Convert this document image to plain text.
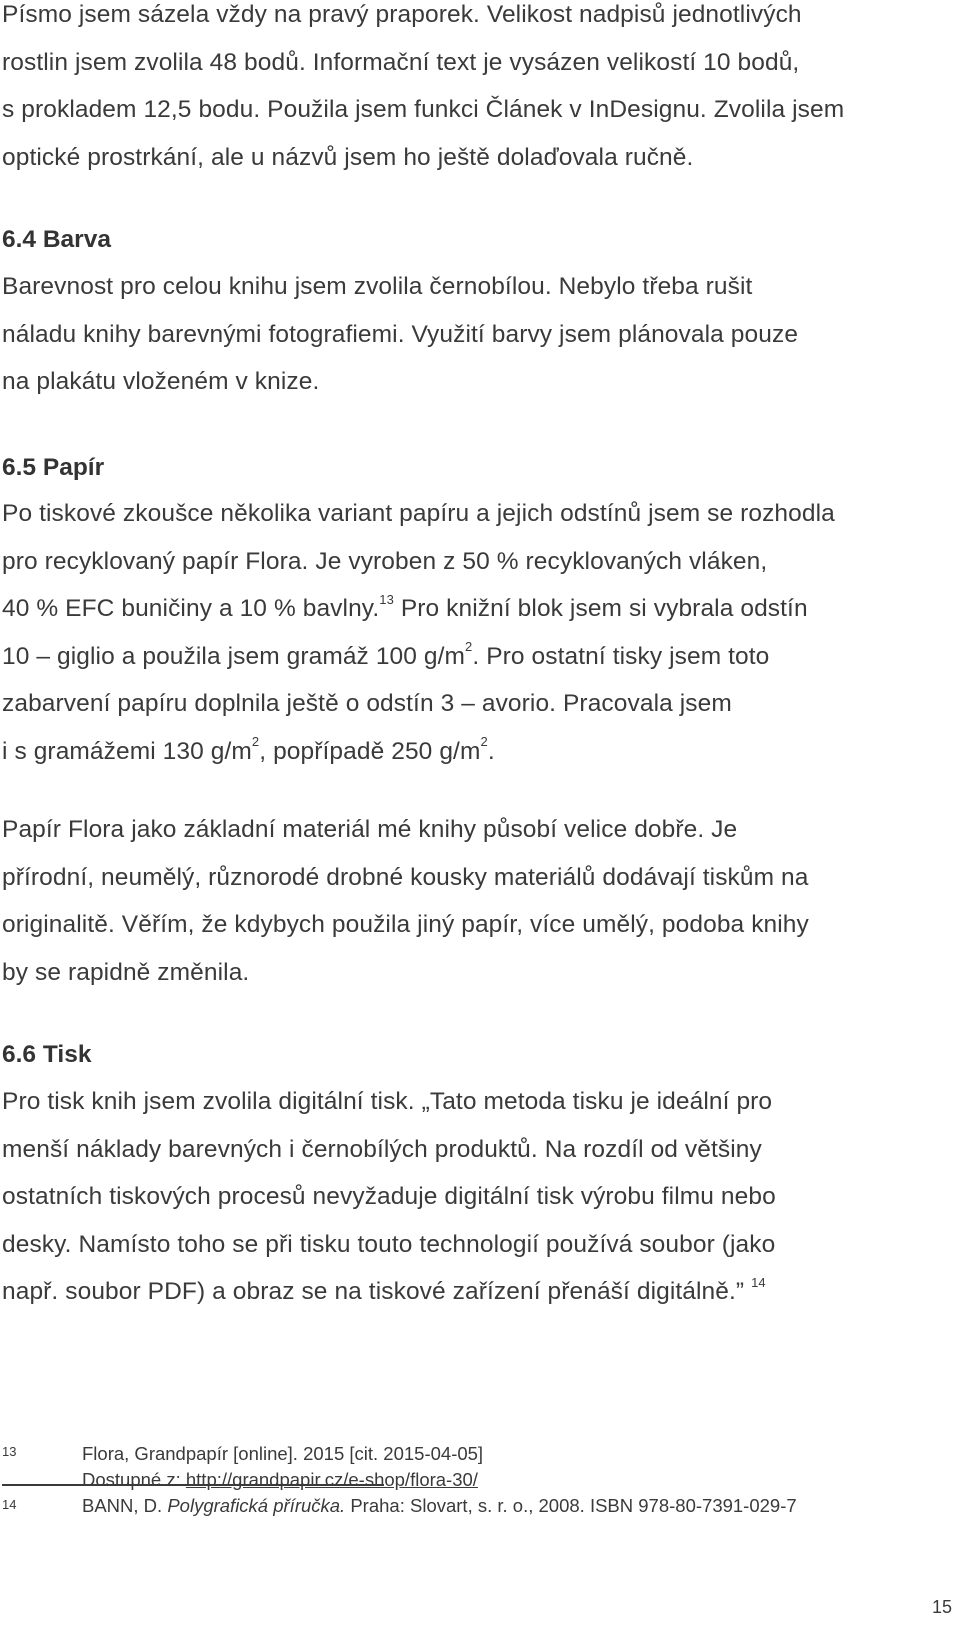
Písmo jsem sázela vždy na pravý praporek. Velikost nadpisů jednotlivých
rostlin jsem zvolila 48 bodů. Informační text je vysázen velikostí 10 bodů,
s prokladem 12,5 bodu. Použila jsem funkci Článek v InDesignu. Zvolila jsem
optické prostrkání, ale u názvů jsem ho ještě dolaďovala ručně.

6.4 Barva

Barevnost pro celou knihu jsem zvolila černobílou. Nebylo třeba rušit
náladu knihy barevnými fotografiemi. Využití barvy jsem plánovala pouze
na plakátu vloženém v knize.

6.5 Papír

Po tiskové zkoušce několika variant papíru a jejich odstínů jsem se rozhodla
pro recyklovaný papír Flora. Je vyroben z 50 % recyklovaných vláken,
40 % EFC buničiny a 10 % bavlny.$^{13}$ Pro knižní blok jsem si vybrala odstín
10 – giglio a použila jsem gramáž 100 $g/m^2$. Pro ostatní tisky jsem toto
zabarvení papíru doplnila ještě o odstín 3 – avorio. Pracovala jsem
i s gramážemi 130 $g/m^2$, popřípadě 250 $g/m^2$.

Papír Flora jako základní materiál mé knihy působí velice dobře. Je
přírodní, neumělý, různorodé drobné kousky materiálů dodávají tiskům na
originalitě. Věřím, že kdybych použila jiný papír, více umělý, podoba knihy
by se rapidně změnila.

6.6 Tisk

Pro tisk knih jsem zvolila digitální tisk. „Tato metoda tisku je ideální pro
menší náklady barevných i černobílých produktů. Na rozdíl od většiny
ostatních tiskových procesů nevyžaduje digitální tisk výrobu filmu nebo
desky. Namísto toho se při tisku touto technologií používá soubor (jako
např. soubor PDF) a obraz se na tiskové zařízení přenáší digitálně.” $^{14}$

13	Flora, Grandpapír [online]. 2015 [cit. 2015-04-05]
Dostupné z: http://grandpapir.cz/e-shop/flora-30/
14	BANN, D. Polygrafická příručka. Praha: Slovart, s. r. o., 2008. ISBN 978-80-7391-029-7
15
